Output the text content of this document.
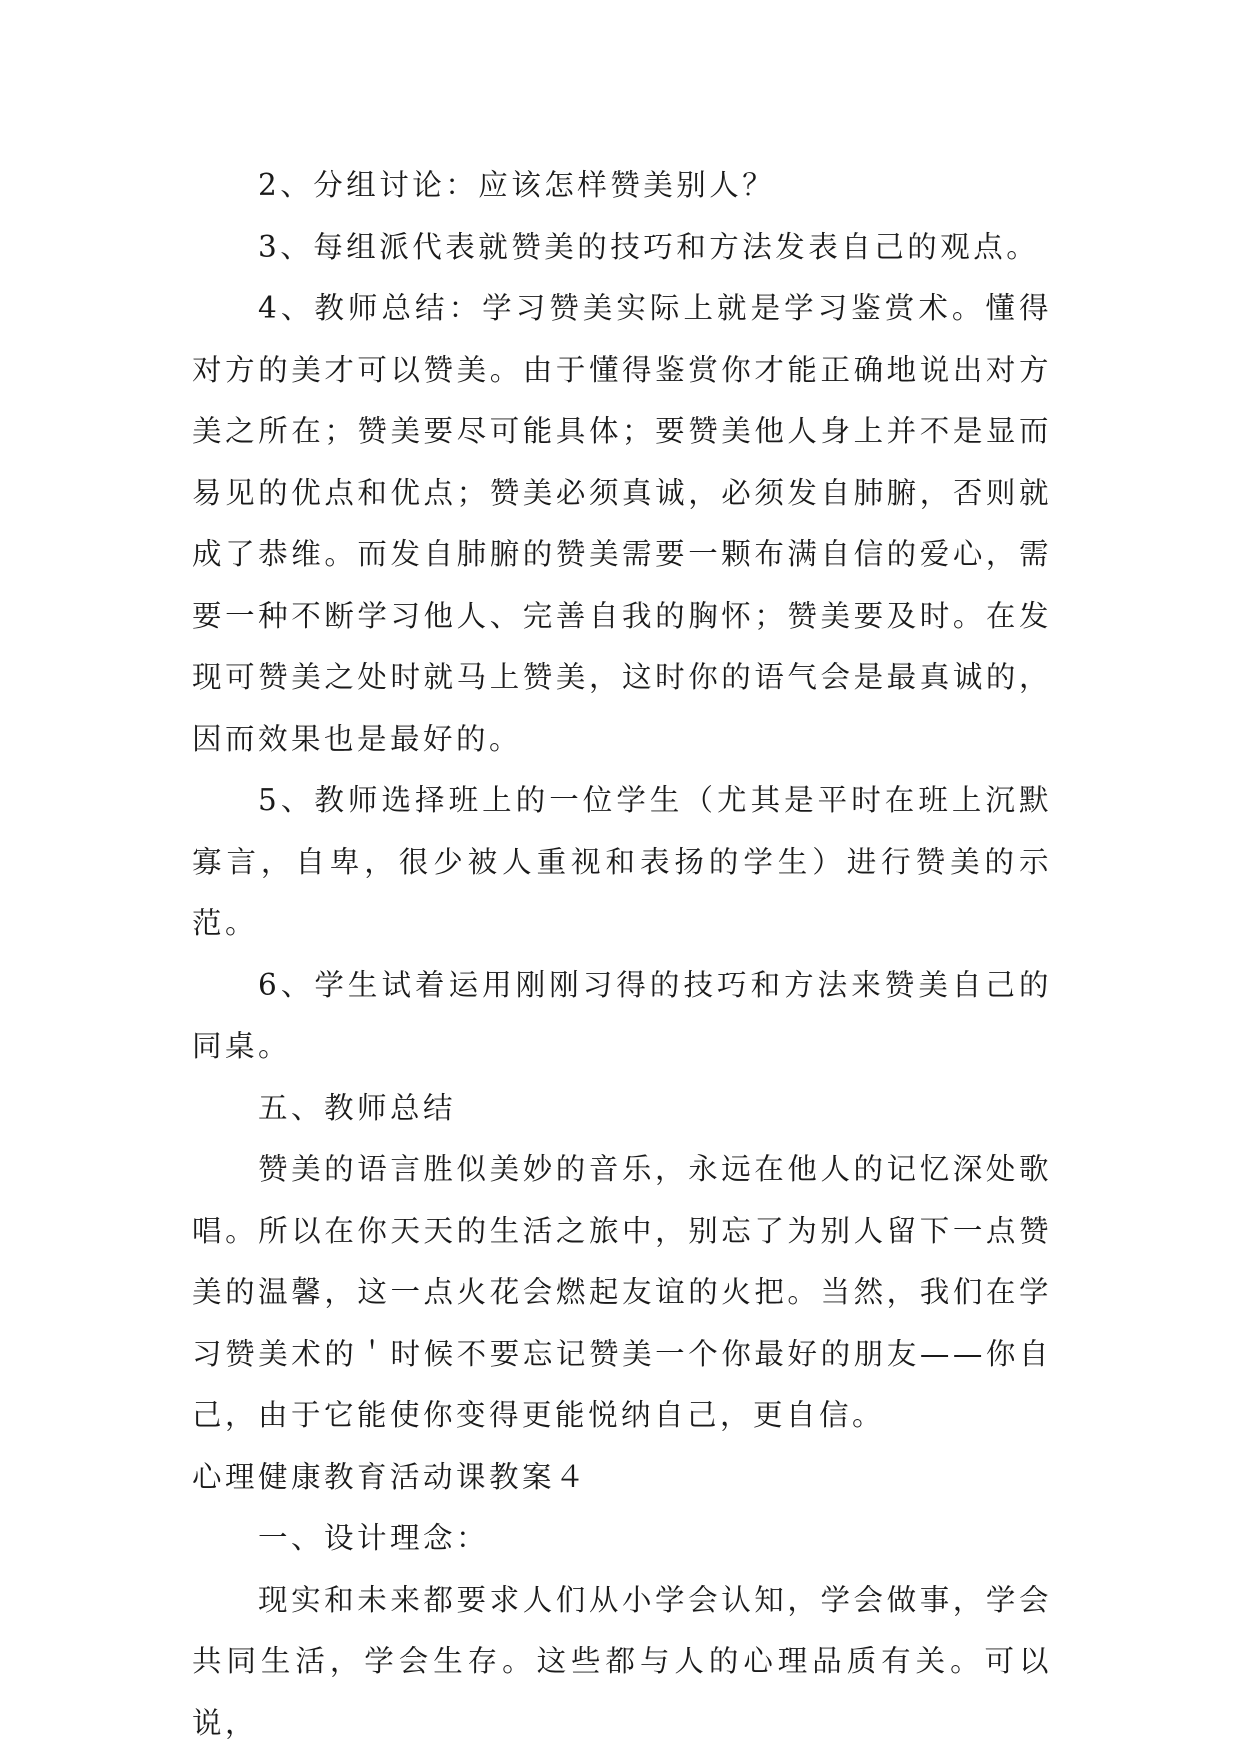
2、分组讨论：应该怎样赞美别人？

3、每组派代表就赞美的技巧和方法发表自己的观点。

4、教师总结：学习赞美实际上就是学习鉴赏术。懂得对方的美才可以赞美。由于懂得鉴赏你才能正确地说出对方美之所在；赞美要尽可能具体；要赞美他人身上并不是显而易见的优点和优点；赞美必须真诚，必须发自肺腑，否则就成了恭维。而发自肺腑的赞美需要一颗布满自信的爱心，需要一种不断学习他人、完善自我的胸怀；赞美要及时。在发现可赞美之处时就马上赞美，这时你的语气会是最真诚的，因而效果也是最好的。

5、教师选择班上的一位学生（尤其是平时在班上沉默寡言，自卑，很少被人重视和表扬的学生）进行赞美的示范。

6、学生试着运用刚刚习得的技巧和方法来赞美自己的同桌。

五、教师总结

赞美的语言胜似美妙的音乐，永远在他人的记忆深处歌唱。所以在你天天的生活之旅中，别忘了为别人留下一点赞美的温馨，这一点火花会燃起友谊的火把。当然，我们在学习赞美术的＇时候不要忘记赞美一个你最好的朋友——你自己，由于它能使你变得更能悦纳自己，更自信。

心理健康教育活动课教案４

一、设计理念：

现实和未来都要求人们从小学会认知，学会做事，学会共同生活，学会生存。这些都与人的心理品质有关。可以说，
